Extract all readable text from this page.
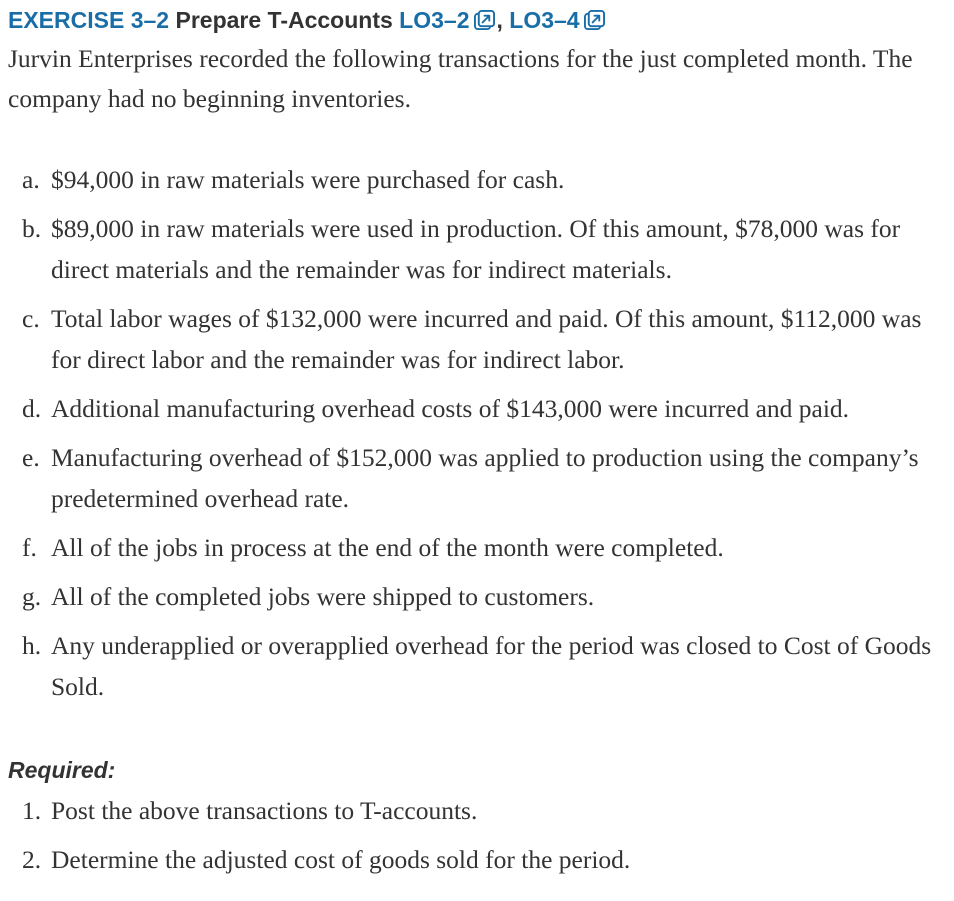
EXERCISE 3–2 Prepare T-Accounts LO3–2 , LO3–4

Jurvin Enterprises recorded the following transactions for the just completed month. The company had no beginning inventories.

a. $94,000 in raw materials were purchased for cash.
b. $89,000 in raw materials were used in production. Of this amount, $78,000 was for direct materials and the remainder was for indirect materials.
c. Total labor wages of $132,000 were incurred and paid. Of this amount, $112,000 was for direct labor and the remainder was for indirect labor.
d. Additional manufacturing overhead costs of $143,000 were incurred and paid.
e. Manufacturing overhead of $152,000 was applied to production using the company’s predetermined overhead rate.
f. All of the jobs in process at the end of the month were completed.
g. All of the completed jobs were shipped to customers.
h. Any underapplied or overapplied overhead for the period was closed to Cost of Goods Sold.
Required:
1. Post the above transactions to T-accounts.
2. Determine the adjusted cost of goods sold for the period.
